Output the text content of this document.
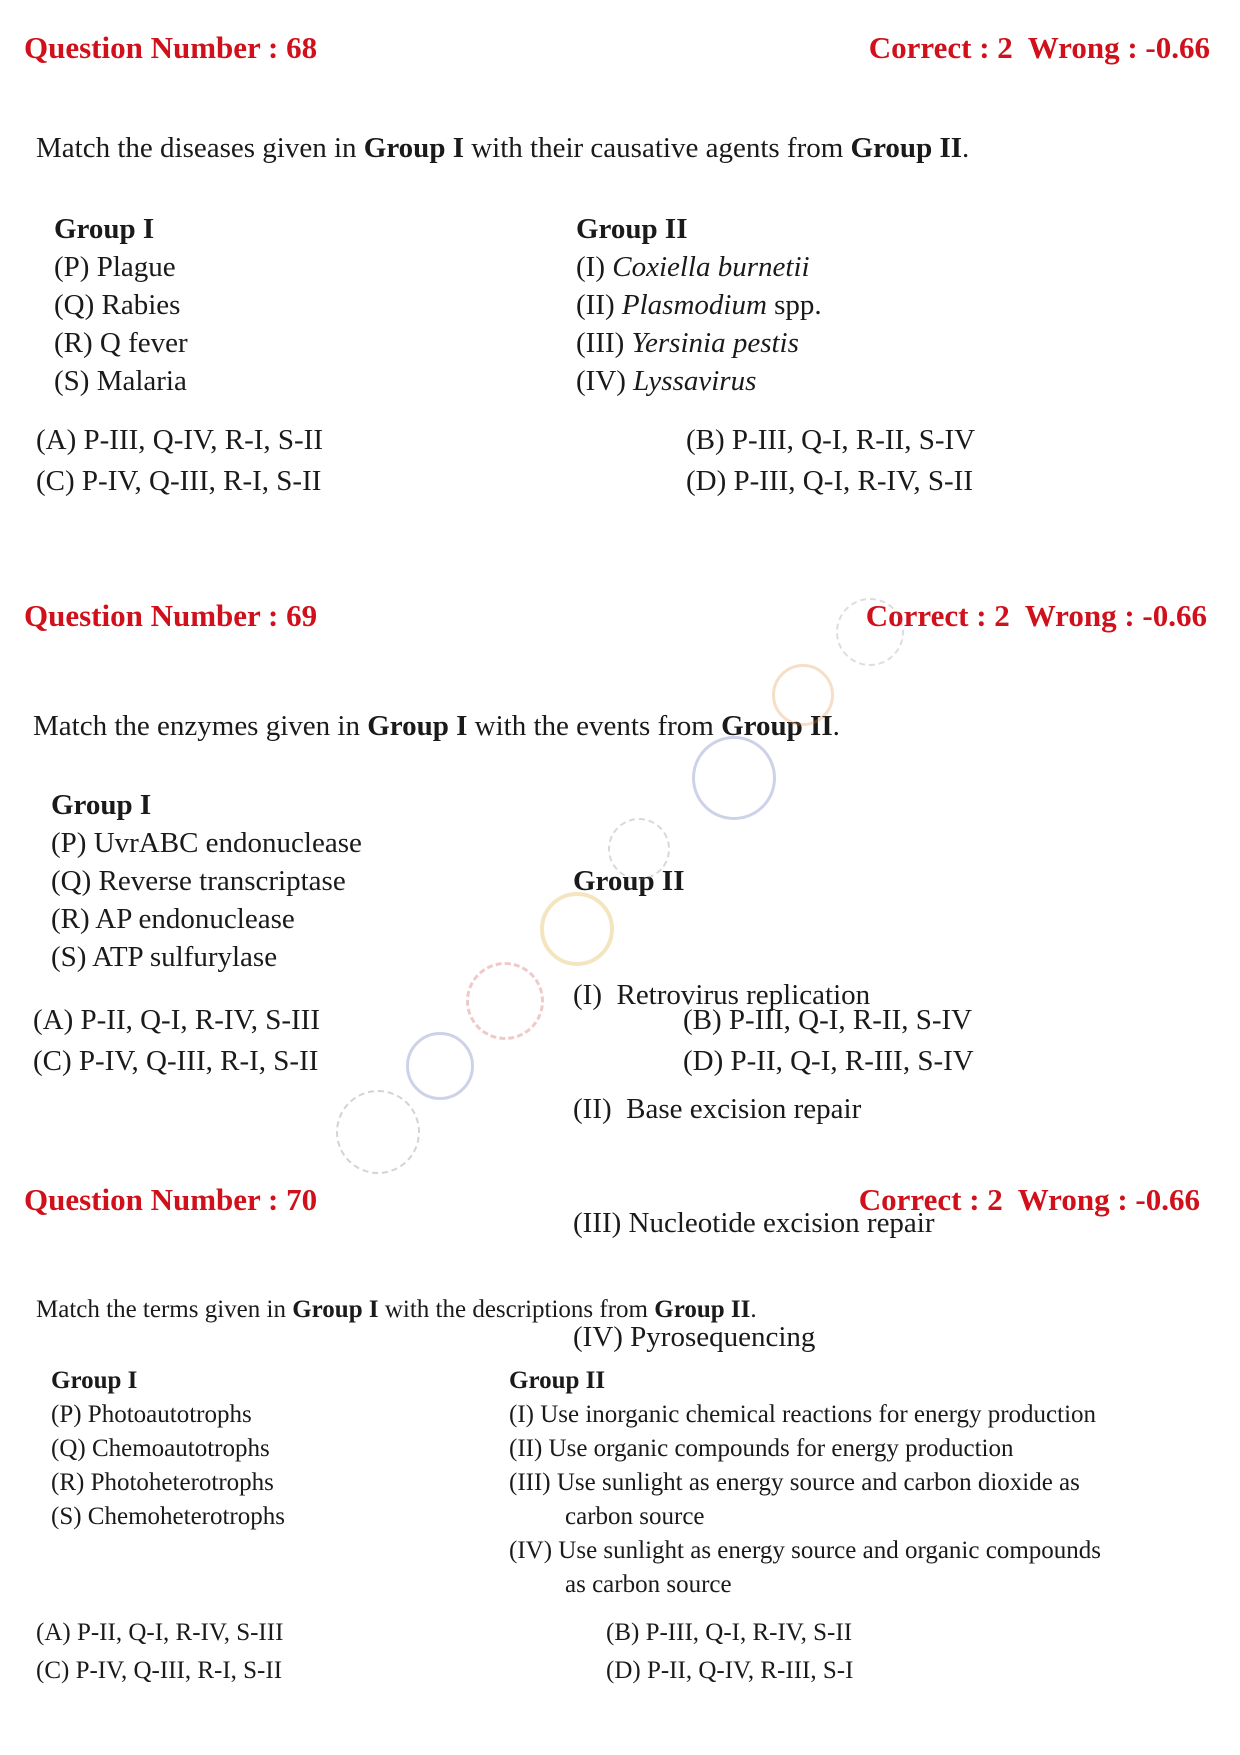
Question Number : 68	Correct : 2  Wrong : -0.66
Match the diseases given in Group I with their causative agents from Group II.
Group I
(P) Plague
(Q) Rabies
(R) Q fever
(S) Malaria
Group II
(I) Coxiella burnetii
(II) Plasmodium spp.
(III) Yersinia pestis
(IV) Lyssavirus
(A) P-III, Q-IV, R-I, S-II
(C) P-IV, Q-III, R-I, S-II
(B) P-III, Q-I, R-II, S-IV
(D) P-III, Q-I, R-IV, S-II
Question Number : 69	Correct : 2  Wrong : -0.66
Match the enzymes given in Group I with the events from Group II.
Group I
(P) UvrABC endonuclease
(Q) Reverse transcriptase
(R) AP endonuclease
(S) ATP sulfurylase

Group II

(I)  Retrovirus replication

(II)  Base excision repair

(III) Nucleotide excision repair

(IV) Pyrosequencing

(A) P-II, Q-I, R-IV, S-III
(C) P-IV, Q-III, R-I, S-II
(B) P-III, Q-I, R-II, S-IV
(D) P-II, Q-I, R-III, S-IV
Question Number : 70	Correct : 2  Wrong : -0.66
Match the terms given in Group I with the descriptions from Group II.
Group I
(P) Photoautotrophs
(Q) Chemoautotrophs
(R) Photoheterotrophs
(S) Chemoheterotrophs
Group II
(I) Use inorganic chemical reactions for energy production
(II) Use organic compounds for energy production
(III) Use sunlight as energy source and carbon dioxide as
carbon source
(IV) Use sunlight as energy source and organic compounds
as carbon source
(A) P-II, Q-I, R-IV, S-III
(C) P-IV, Q-III, R-I, S-II
(B) P-III, Q-I, R-IV, S-II
(D) P-II, Q-IV, R-III, S-I
